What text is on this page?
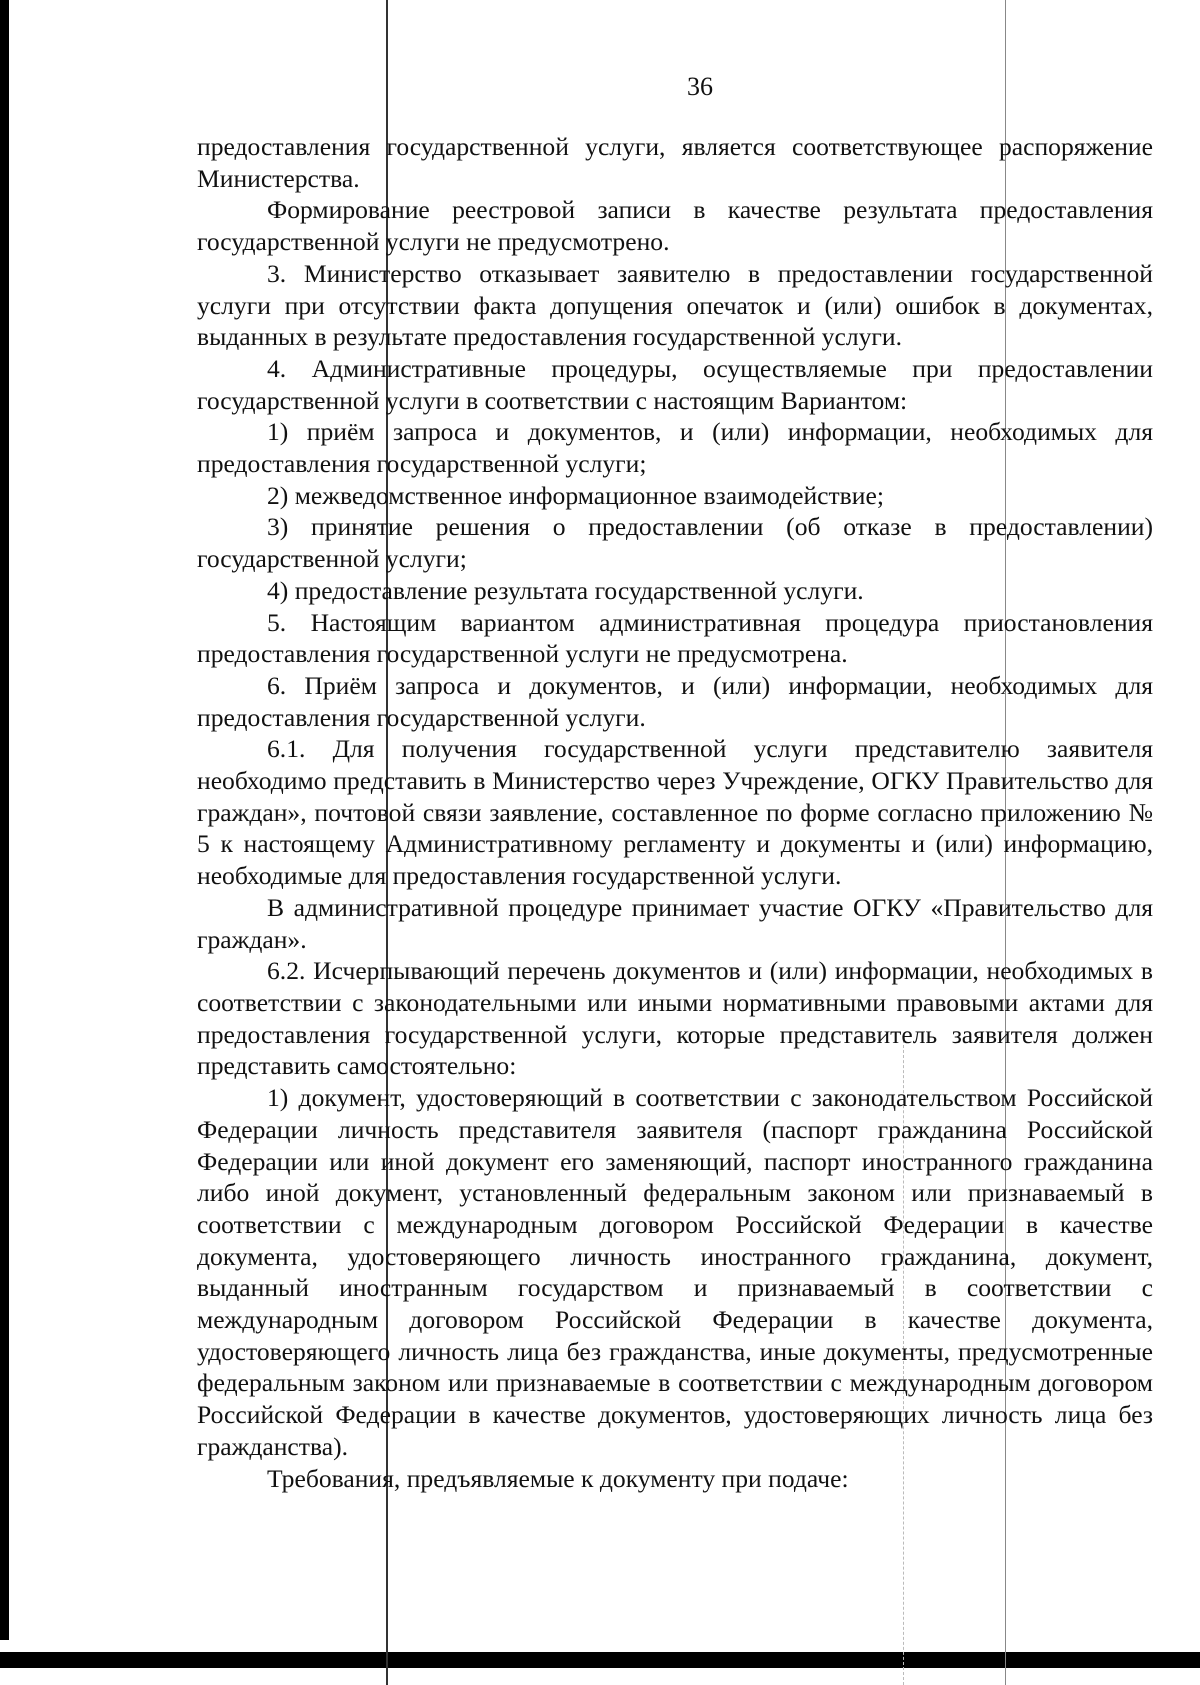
36

предоставления государственной услуги, является соответствующее распоряжение Министерства.

Формирование реестровой записи в качестве результата предоставления государственной услуги не предусмотрено.

3. Министерство отказывает заявителю в предоставлении государственной услуги при отсутствии факта допущения опечаток и (или) ошибок в документах, выданных в результате предоставления государственной услуги.

4. Административные процедуры, осуществляемые при предоставлении государственной услуги в соответствии с настоящим Вариантом:

1) приём запроса и документов, и (или) информации, необходимых для предоставления государственной услуги;

2) межведомственное информационное взаимодействие;

3) принятие решения о предоставлении (об отказе в предоставлении) государственной услуги;

4) предоставление результата государственной услуги.

5. Настоящим вариантом административная процедура приостановления предоставления государственной услуги не предусмотрена.

6. Приём запроса и документов, и (или) информации, необходимых для предоставления государственной услуги.

6.1. Для получения государственной услуги представителю заявителя необходимо представить в Министерство через Учреждение, ОГКУ Правительство для граждан», почтовой связи заявление, составленное по форме согласно приложению № 5 к настоящему Административному регламенту и документы и (или) информацию, необходимые для предоставления государственной услуги.

В административной процедуре принимает участие ОГКУ «Правительство для граждан».

6.2. Исчерпывающий перечень документов и (или) информации, необходимых в соответствии с законодательными или иными нормативными правовыми актами для предоставления государственной услуги, которые представитель заявителя должен представить самостоятельно:

1) документ, удостоверяющий в соответствии с законодательством Российской Федерации личность представителя заявителя (паспорт гражданина Российской Федерации или иной документ его заменяющий, паспорт иностранного гражданина либо иной документ, установленный федеральным законом или признаваемый в соответствии с международным договором Российской Федерации в качестве документа, удостоверяющего личность иностранного гражданина, документ, выданный иностранным государством и признаваемый в соответствии с международным договором Российской Федерации в качестве документа, удостоверяющего личность лица без гражданства, иные документы, предусмотренные федеральным законом или признаваемые в соответствии с международным договором Российской Федерации в качестве документов, удостоверяющих личность лица без гражданства).

Требования, предъявляемые к документу при подаче:
